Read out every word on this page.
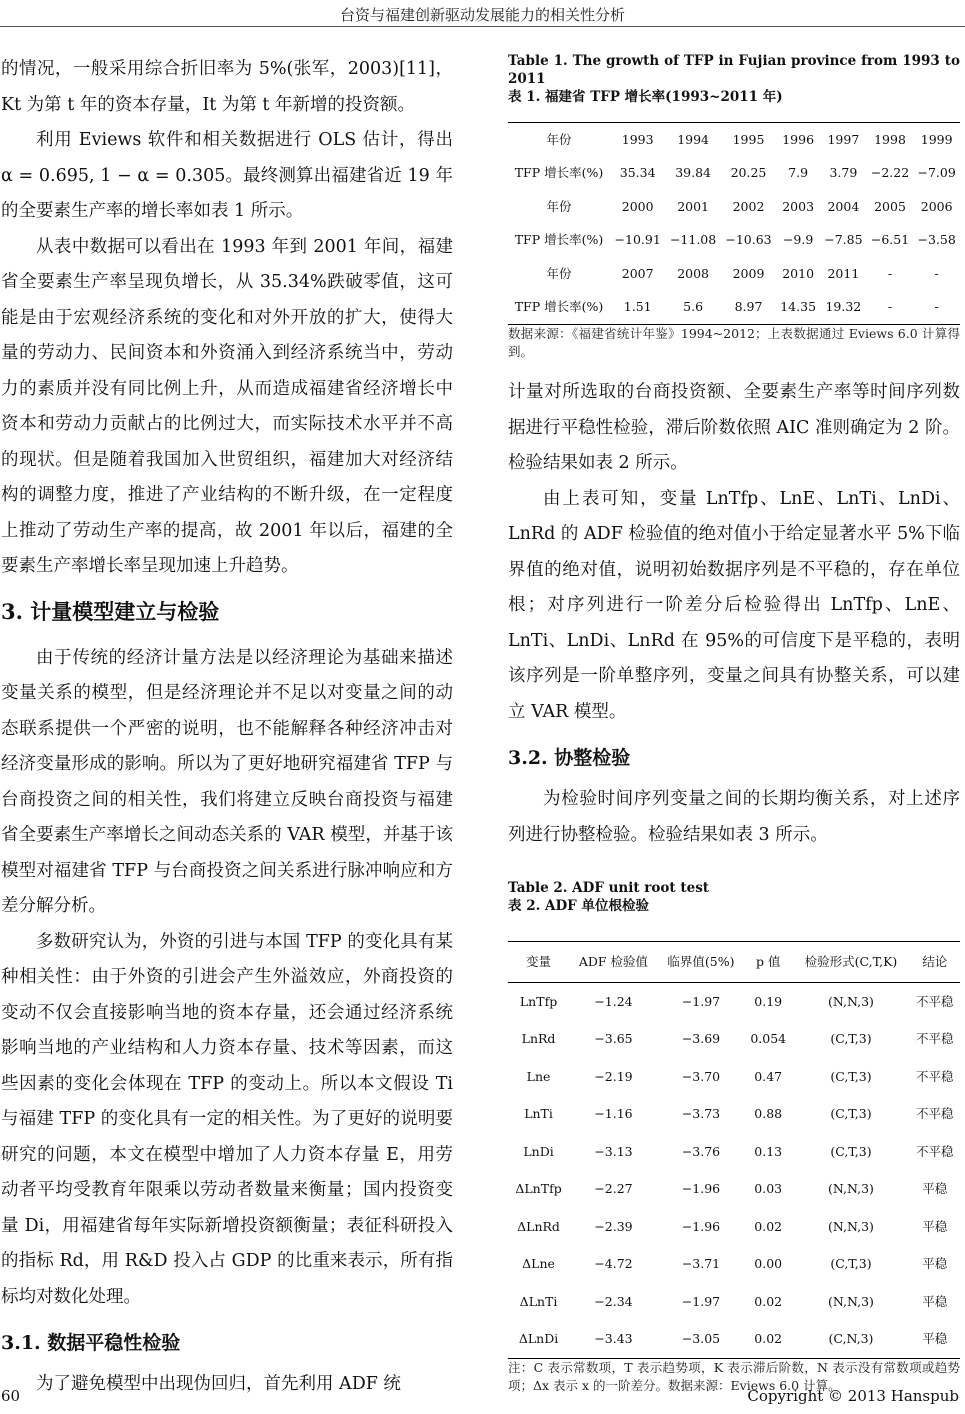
台资与福建创新驱动发展能力的相关性分析

的情况，一般采用综合折旧率为 5%(张军，2003)[11]，Kt 为第 t 年的资本存量，It 为第 t 年新增的投资额。

利用 Eviews 软件和相关数据进行 OLS 估计，得出 α = 0.695, 1 − α = 0.305。最终测算出福建省近 19 年的全要素生产率的增长率如表 1 所示。

从表中数据可以看出在 1993 年到 2001 年间，福建省全要素生产率呈现负增长，从 35.34%跌破零值，这可能是由于宏观经济系统的变化和对外开放的扩大，使得大量的劳动力、民间资本和外资涌入到经济系统当中，劳动力的素质并没有同比例上升，从而造成福建省经济增长中资本和劳动力贡献占的比例过大，而实际技术水平并不高的现状。但是随着我国加入世贸组织，福建加大对经济结构的调整力度，推进了产业结构的不断升级，在一定程度上推动了劳动生产率的提高，故 2001 年以后，福建的全要素生产率增长率呈现加速上升趋势。

3. 计量模型建立与检验

由于传统的经济计量方法是以经济理论为基础来描述变量关系的模型，但是经济理论并不足以对变量之间的动态联系提供一个严密的说明，也不能解释各种经济冲击对经济变量形成的影响。所以为了更好地研究福建省 TFP 与台商投资之间的相关性，我们将建立反映台商投资与福建省全要素生产率增长之间动态关系的 VAR 模型，并基于该模型对福建省 TFP 与台商投资之间关系进行脉冲响应和方差分解分析。

多数研究认为，外资的引进与本国 TFP 的变化具有某种相关性：由于外资的引进会产生外溢效应，外商投资的变动不仅会直接影响当地的资本存量，还会通过经济系统影响当地的产业结构和人力资本存量、技术等因素，而这些因素的变化会体现在 TFP 的变动上。所以本文假设 Ti 与福建 TFP 的变化具有一定的相关性。为了更好的说明要研究的问题，本文在模型中增加了人力资本存量 E，用劳动者平均受教育年限乘以劳动者数量来衡量；国内投资变量 Di，用福建省每年实际新增投资额衡量；表征科研投入的指标 Rd，用 R&D 投入占 GDP 的比重来表示，所有指标均对数化处理。

3.1. 数据平稳性检验

为了避免模型中出现伪回归，首先利用 ADF 统

Table 1. The growth of TFP in Fujian province from 1993 to 2011

表 1. 福建省 TFP 增长率(1993~2011 年)

年份	1993	1994	1995	1996	1997	1998	1999
TFP 增长率(%)	35.34	39.84	20.25	7.9	3.79	−2.22	−7.09
年份	2000	2001	2002	2003	2004	2005	2006
TFP 增长率(%)	−10.91	−11.08	−10.63	−9.9	−7.85	−6.51	−3.58
年份	2007	2008	2009	2010	2011	-	-
TFP 增长率(%)	1.51	5.6	8.97	14.35	19.32	-	-

数据来源：《福建省统计年鉴》1994~2012；上表数据通过 Eviews 6.0 计算得到。

计量对所选取的台商投资额、全要素生产率等时间序列数据进行平稳性检验，滞后阶数依照 AIC 准则确定为 2 阶。检验结果如表 2 所示。

由上表可知，变量 LnTfp、LnE、LnTi、LnDi、LnRd 的 ADF 检验值的绝对值小于给定显著水平 5%下临界值的绝对值，说明初始数据序列是不平稳的，存在单位根；对序列进行一阶差分后检验得出 LnTfp、LnE、LnTi、LnDi、LnRd 在 95%的可信度下是平稳的，表明该序列是一阶单整序列，变量之间具有协整关系，可以建立 VAR 模型。

3.2. 协整检验

为检验时间序列变量之间的长期均衡关系，对上述序列进行协整检验。检验结果如表 3 所示。

Table 2. ADF unit root test

表 2. ADF 单位根检验

变量	ADF 检验值	临界值(5%)	p 值	检验形式(C,T,K)	结论
LnTfp	−1.24	−1.97	0.19	(N,N,3)	不平稳
LnRd	−3.65	−3.69	0.054	(C,T,3)	不平稳
Lne	−2.19	−3.70	0.47	(C,T,3)	不平稳
LnTi	−1.16	−3.73	0.88	(C,T,3)	不平稳
LnDi	−3.13	−3.76	0.13	(C,T,3)	不平稳
ΔLnTfp	−2.27	−1.96	0.03	(N,N,3)	平稳
ΔLnRd	−2.39	−1.96	0.02	(N,N,3)	平稳
ΔLne	−4.72	−3.71	0.00	(C,T,3)	平稳
ΔLnTi	−2.34	−1.97	0.02	(N,N,3)	平稳
ΔLnDi	−3.43	−3.05	0.02	(C,N,3)	平稳

注：C 表示常数项，T 表示趋势项，K 表示滞后阶数，N 表示没有常数项或趋势项；Δx 表示 x 的一阶差分。数据来源：Eviews 6.0 计算。

60	Copyright © 2013 Hanspub
